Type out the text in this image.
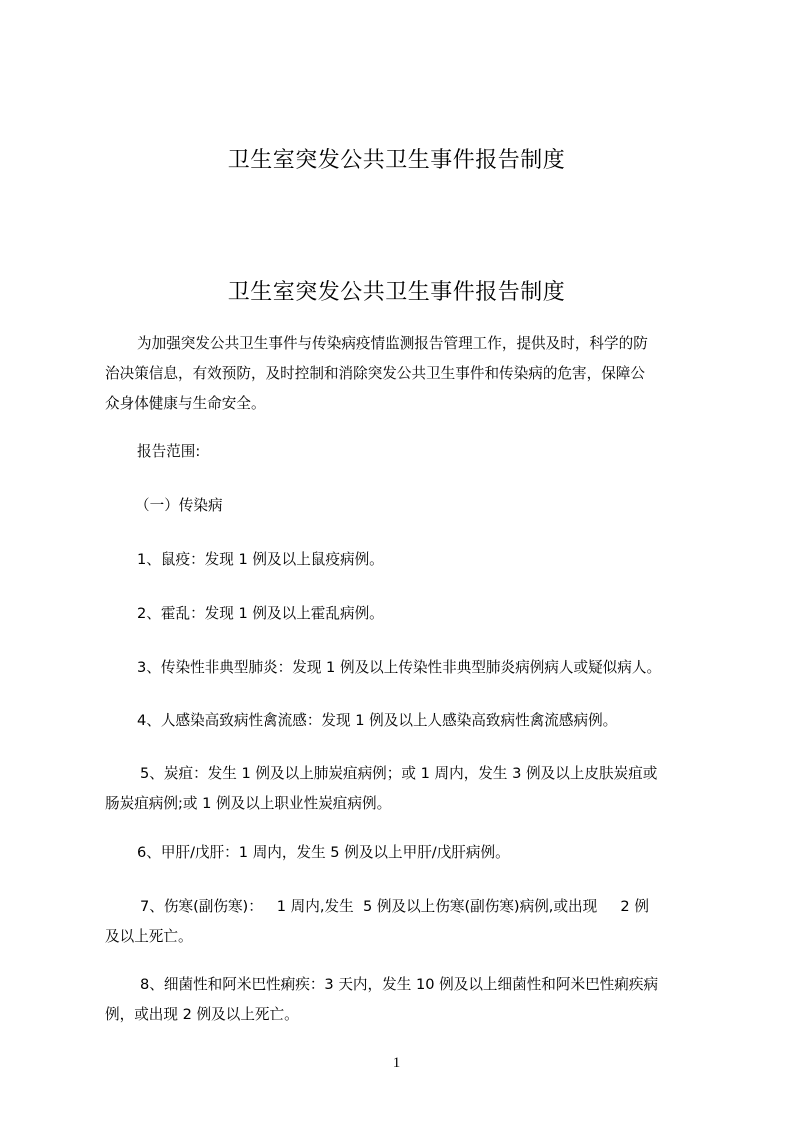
卫生室突发公共卫生事件报告制度
卫生室突发公共卫生事件报告制度
为加强突发公共卫生事件与传染病疫情监测报告管理工作，提供及时，科学的防
治决策信息，有效预防，及时控制和消除突发公共卫生事件和传染病的危害，保障公
众身体健康与生命安全。
报告范围:
（一）传染病
1、鼠疫：发现 1 例及以上鼠疫病例。
2、霍乱：发现 1 例及以上霍乱病例。
3、传染性非典型肺炎：发现 1 例及以上传染性非典型肺炎病例病人或疑似病人。
4、人感染高致病性禽流感：发现 1 例及以上人感染高致病性禽流感病例。
5、炭疽：发生 1 例及以上肺炭疽病例；或 1 周内，发生 3 例及以上皮肤炭疽或
肠炭疽病例;或 1 例及以上职业性炭疽病例。
6、甲肝/戊肝：1 周内，发生 5 例及以上甲肝/戊肝病例。
7、伤寒(副伤寒)：   1 周内,发生  5 例及以上伤寒(副伤寒)病例,或出现     2 例
及以上死亡。
8、细菌性和阿米巴性痢疾：3 天内，发生 10 例及以上细菌性和阿米巴性痢疾病
例，或出现 2 例及以上死亡。
1
